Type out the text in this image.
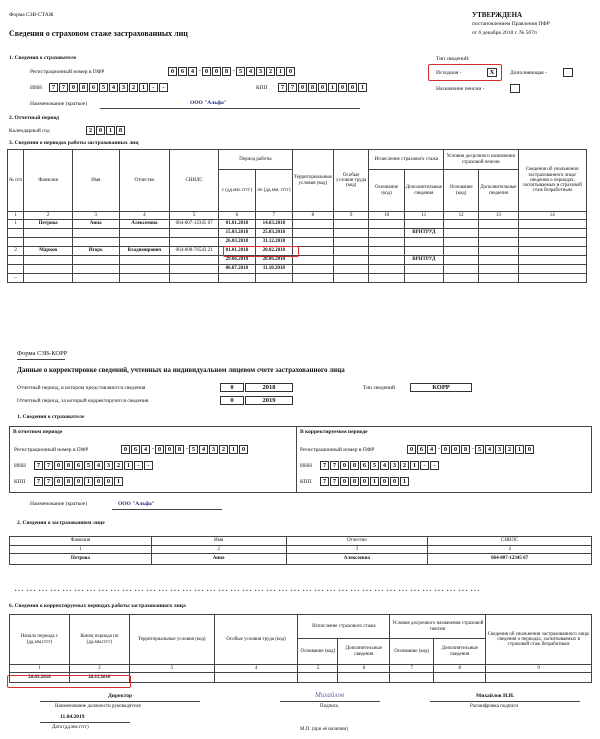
Форма СЗВ-СТАЖ
Сведения о страховом стаже застрахованных лиц
УТВЕРЖДЕНА
постановлением Правления ПФР
от 6 декабря 2018 г. № 507п
1. Сведения о страхователе
Регистрационный номер в ПФР	0	6	4 - 0	0	8 - 5	4	3	2	1	0
ИНН	7	7	0	8	6	5	4	3	2	1	-	-	КПП	7	7	0	8	0	1	0	0	1
Наименование (краткое)	ООО "Альфа"
Тип сведений:
Исходная -	X	Дополняющая -
Назначение пенсии -
2. Отчетный период
Календарный год	2	0	1	8
3. Сведения о периодах работы застрахованных лиц
№ п/п	Фамилия	Имя	Отчество	СНИЛС	Период работы		Территориальные условия (код)	Особые условия труда (код)	Исчисление страхового стажа		Условия досрочного назначения страховой пенсии		Сведения об увольнении застрахованного лица/ сведения о периодах, засчитываемых в страховой стаж безработным
					с (дд.мм. гггг)	по (дд.мм. гггг)			Основание (код)	Дополнительные сведения	Основание (код)	Дополнительные сведения	
1	2	3	4	5	6	7	8	9	10	11	12	13	14
1	Петрова	Анна	Алексеевна	064-007-12345 67	01.01.2018	14.03.2018							
					15.03.2018	25.03.2018				ВРНТРУД			
					26.03.2018	31.12.2018							
2	Марков	Игорь	Владимирович	064-008-76543 21	01.01.2018	20.02.2018							
					29.06.2018	28.06.2018				ВРНТРУД			
					06.07.2018	11.10.2018							
...													
Форма СЗВ-КОРР
Данные о корректировке сведений, учтенных на индивидуальном лицевом счете застрахованного лица
Отчетный период, в котором представляются сведения	0	2018	Тип сведений	КОРР
Отчетный период, за который корректируются сведения	0	2019
1. Сведения о страхователе
В отчетном периоде	В корректируемом периоде
Регистрационный номер в ПФР	0	6	4 - 0	0	8 - 5	4	3	2	1	0
ИНН	7	7	0	8	6	5	4	3	2	1	-	-
КПП	7	7	0	8	0	1	0	0	1
Регистрационный номер в ПФР	0	6	4 - 0	0	8 - 5	4	3	2	1	0
ИНН	7	7	0	8	6	5	4	3	2	1	-	-
КПП	7	7	0	8	0	1	0	0	1
Наименование (краткое)	ООО "Альфа"
2. Сведения о застрахованном лице
Фамилия	Имя	Отчество	СНИЛС
1	2	3	4
Петрова	Анна	Алексеевна	064-007-12345 67
………………………………………………………………………………………………………
6. Сведения о корректируемых периодах работы застрахованного лица
Начало периода с (дд.мм.гггг)	Конец периода по (дд.мм.гггг)	Территориальные условия (код)	Особые условия труда (код)	Исчисление страхового стажа		Условия досрочного назначения страховой пенсии		Сведения об увольнении застрахованного лица/ сведения о периодах, засчитываемых в страховой стаж безработным
				Основание (код)	Дополнительные сведения	Основание (код)	Дополнительные сведения	
1	2	3	4	5	6	7	8	9
26.03.2018	28.11.2018							
Директор
Наименование должности руководителя
Михайлов
Подпись
Михайлов И.И.
Расшифровка подписи
11.04.2019
Дата (дд.мм.гггг)	М.П. (при её наличии)
